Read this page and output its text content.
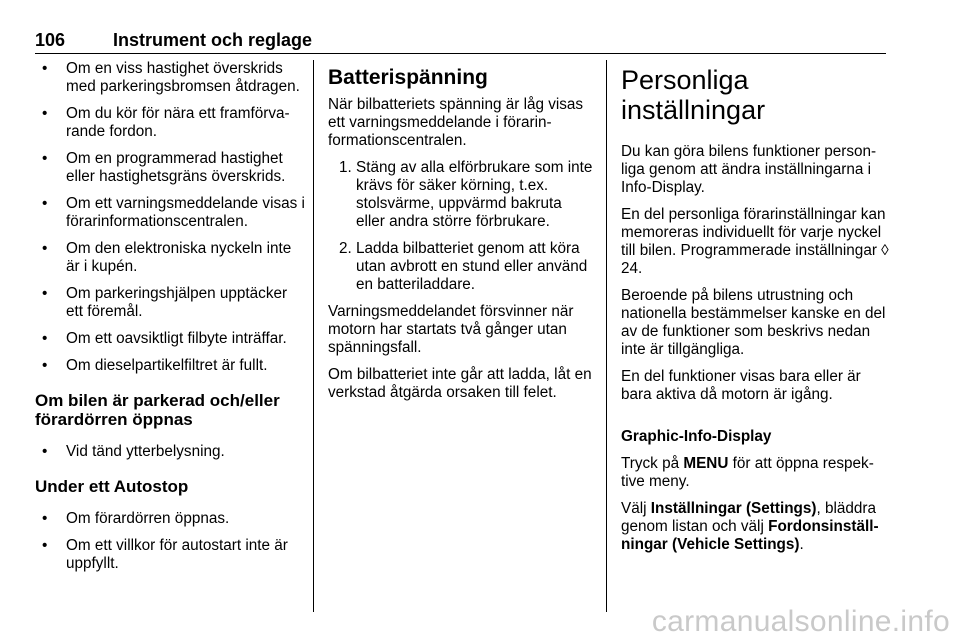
106	Instrument och reglage
• Om en viss hastighet överskrids med parkeringsbromsen åtdragen.
• Om du kör för nära ett framförvarande fordon.
• Om en programmerad hastighet eller hastighetsgräns överskrids.
• Om ett varningsmeddelande visas i förarinformationscentralen.
• Om den elektroniska nyckeln inte är i kupén.
• Om parkeringshjälpen upptäcker ett föremål.
• Om ett oavsiktligt filbyte inträffar.
• Om dieselpartikelfiltret är fullt.
Om bilen är parkerad och/eller förardörren öppnas
• Vid tänd ytterbelysning.
Under ett Autostop
• Om förardörren öppnas.
• Om ett villkor för autostart inte är uppfyllt.
Batterispänning

När bilbatteriets spänning är låg visas ett varningsmeddelande i förarinformationscentralen.

1. Stäng av alla elförbrukare som inte krävs för säker körning, t.ex. stolsvärme, uppvärmd bakruta eller andra större förbrukare.
2. Ladda bilbatteriet genom att köra utan avbrott en stund eller använd en batteriladdare.

Varningsmeddelandet försvinner när motorn har startats två gånger utan spänningsfall.

Om bilbatteriet inte går att ladda, låt en verkstad åtgärda orsaken till felet.

Personliga inställningar

Du kan göra bilens funktioner personliga genom att ändra inställningarna i Info-Display.

En del personliga förarinställningar kan memoreras individuellt för varje nyckel till bilen. Programmerade inställningar ◊ 24.

Beroende på bilens utrustning och nationella bestämmelser kanske en del av de funktioner som beskrivs nedan inte är tillgängliga.

En del funktioner visas bara eller är bara aktiva då motorn är igång.

Graphic-Info-Display

Tryck på MENU för att öppna respektive meny.

Välj Inställningar (Settings), bläddra genom listan och välj Fordonsinställningar (Vehicle Settings).

carmanualsonline.info
